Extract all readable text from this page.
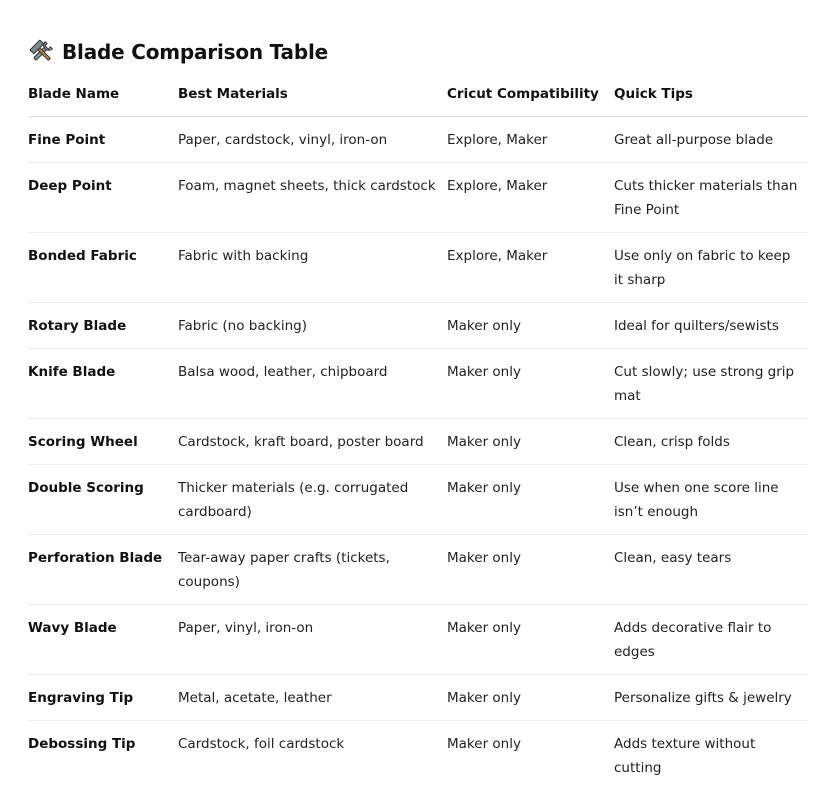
Blade Comparison Table
Blade Name	Best Materials	Cricut Compatibility	Quick Tips
Fine Point	Paper, cardstock, vinyl, iron-on	Explore, Maker	Great all-purpose blade
Deep Point	Foam, magnet sheets, thick cardstock	Explore, Maker	Cuts thicker materials than Fine Point
Bonded Fabric	Fabric with backing	Explore, Maker	Use only on fabric to keep it sharp
Rotary Blade	Fabric (no backing)	Maker only	Ideal for quilters/sewists
Knife Blade	Balsa wood, leather, chipboard	Maker only	Cut slowly; use strong grip mat
Scoring Wheel	Cardstock, kraft board, poster board	Maker only	Clean, crisp folds
Double Scoring	Thicker materials (e.g. corrugated cardboard)	Maker only	Use when one score line isn’t enough
Perforation Blade	Tear-away paper crafts (tickets, coupons)	Maker only	Clean, easy tears
Wavy Blade	Paper, vinyl, iron-on	Maker only	Adds decorative flair to edges
Engraving Tip	Metal, acetate, leather	Maker only	Personalize gifts & jewelry
Debossing Tip	Cardstock, foil cardstock	Maker only	Adds texture without cutting
